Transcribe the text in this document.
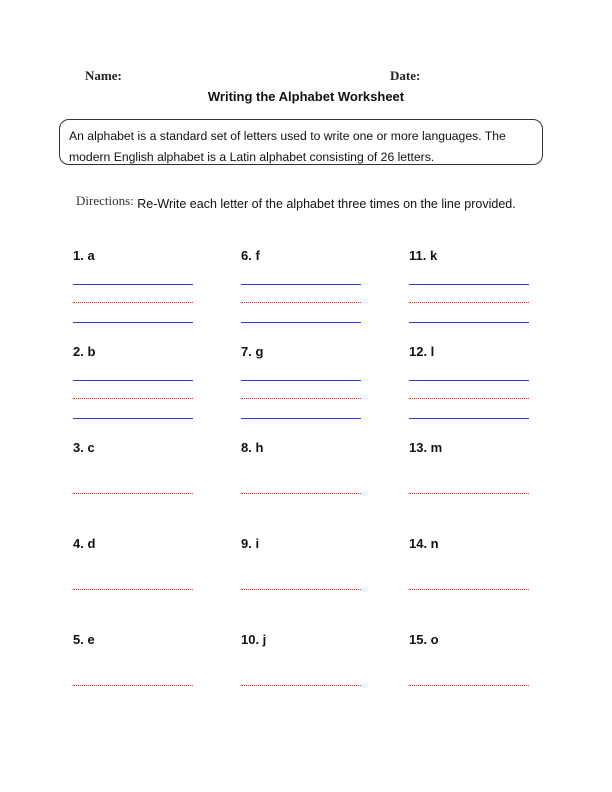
Name:	Date:
Writing the Alphabet Worksheet
An alphabet is a standard set of letters used to write one or more languages. The
modern English alphabet is a Latin alphabet consisting of 26 letters.
Directions: Re-Write each letter of the alphabet three times on the line provided.
1. a	6. f	11. k
2. b	7. g	12. l
3. c	8. h	13. m
4. d	9. i	14. n
5. e	10. j	15. o
